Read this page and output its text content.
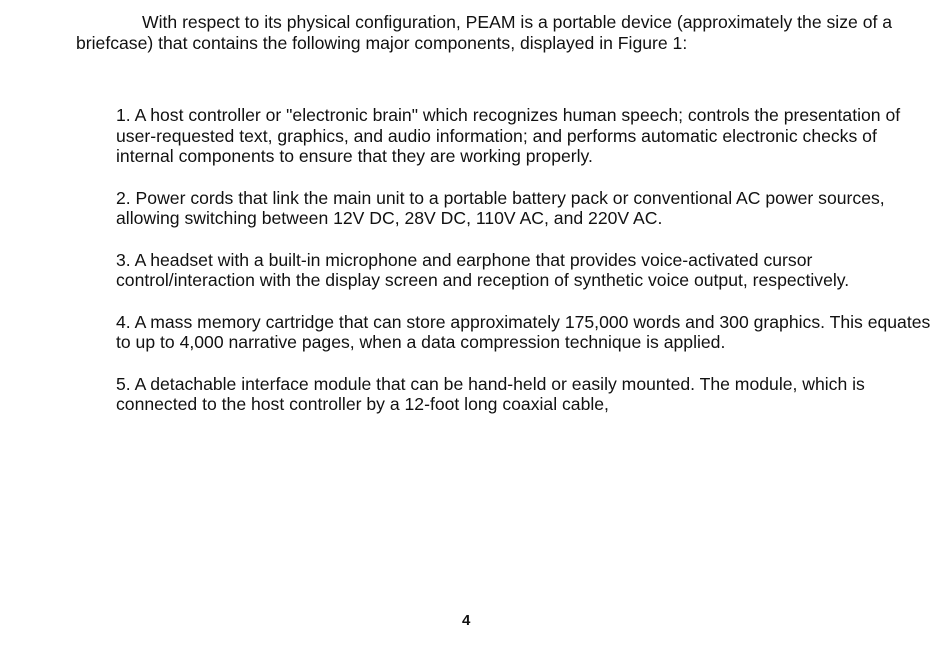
With respect to its physical configuration, PEAM is a portable device (approximately the size of a briefcase) that contains the following major components, displayed in Figure 1:

1. A host controller or "electronic brain" which recognizes human speech; controls the presentation of user-requested text, graphics, and audio information; and performs automatic electronic checks of internal components to ensure that they are working properly.
2. Power cords that link the main unit to a portable battery pack or conventional AC power sources, allowing switching between 12V DC, 28V DC, 110V AC, and 220V AC.
3. A headset with a built-in microphone and earphone that provides voice-activated cursor control/interaction with the display screen and reception of synthetic voice output, respectively.
4. A mass memory cartridge that can store approximately 175,000 words and 300 graphics. This equates to up to 4,000 narrative pages, when a data compression technique is applied.
5. A detachable interface module that can be hand-held or easily mounted. The module, which is connected to the host controller by a 12-foot long coaxial cable,

4
